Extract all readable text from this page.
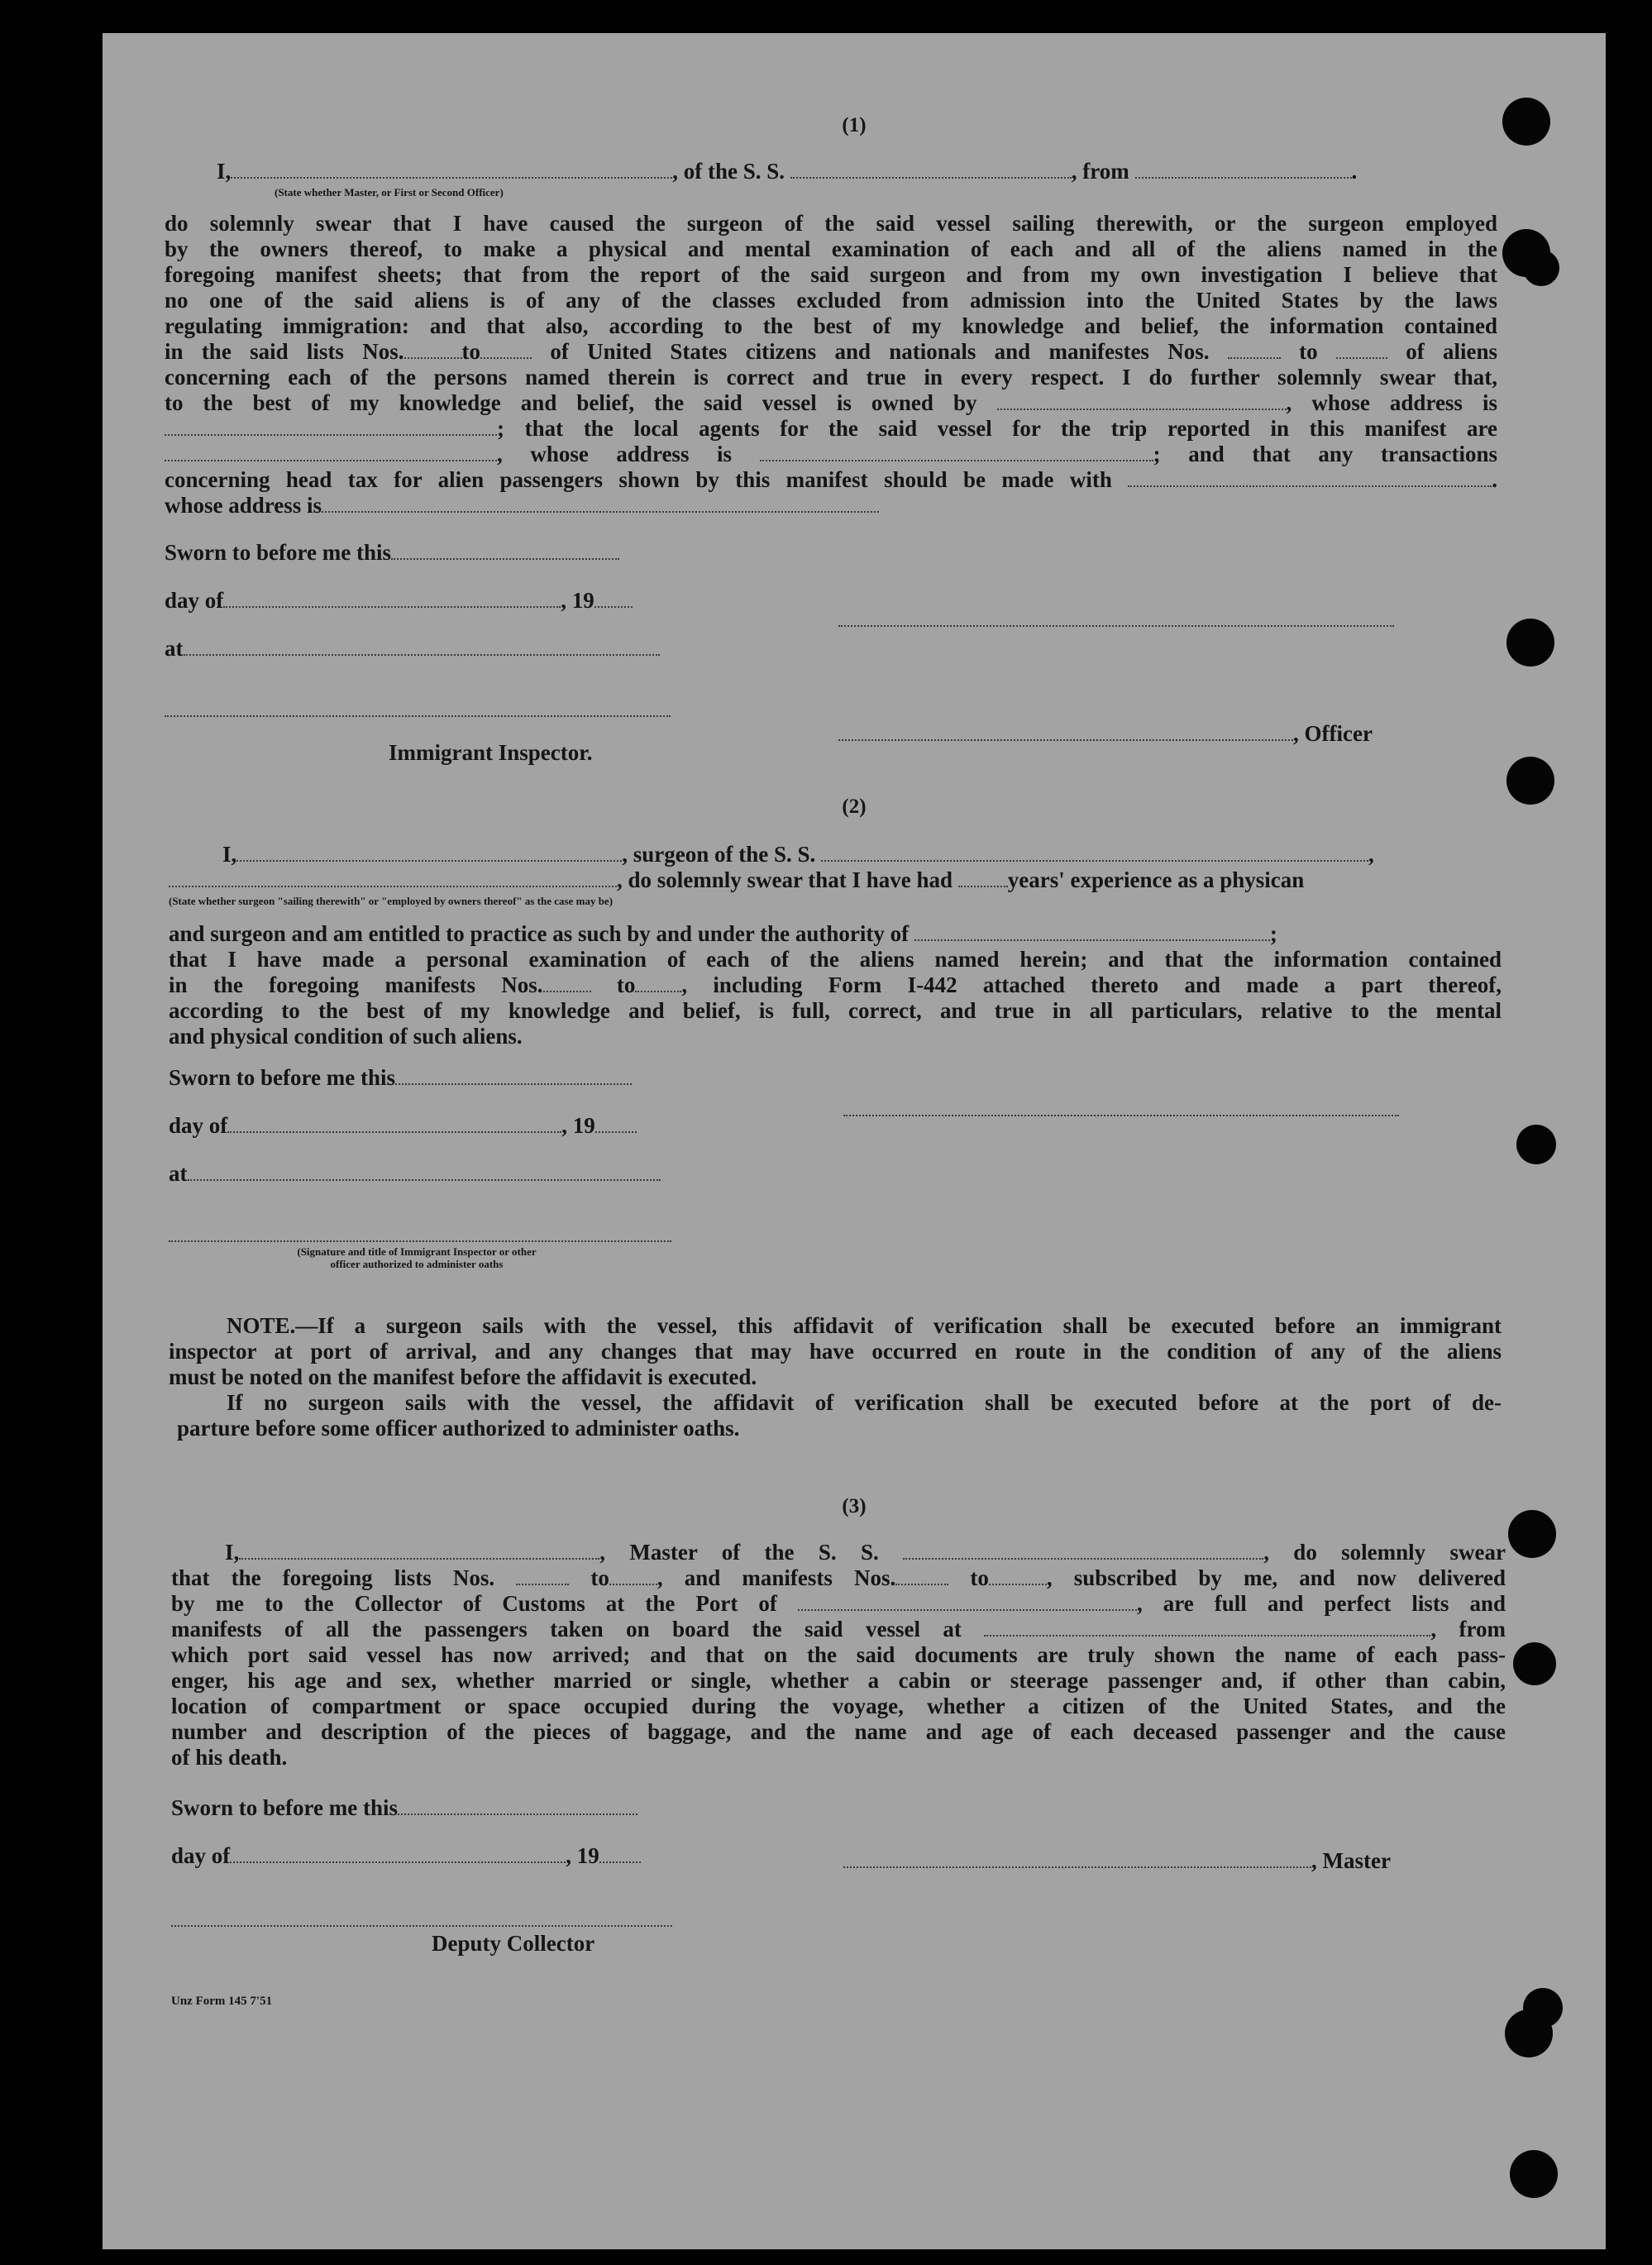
(1)
I,	, of the S. S.	, from	.
(State whether Master, or First or Second Officer)
do solemnly swear that I have caused the surgeon of the said vessel sailing therewith, or the surgeon employed
by the owners thereof, to make a physical and mental examination of each and all of the aliens named in the
foregoing manifest sheets; that from the report of the said surgeon and from my own investigation I believe that
no one of the said aliens is of any of the classes excluded from admission into the United States by the laws
regulating immigration: and that also, according to the best of my knowledge and belief, the information contained
in the said lists Nos.	to	of United States citizens and nationals and manifestes Nos.	to	of aliens
concerning each of the persons named therein is correct and true in every respect. I do further solemnly swear that,
to the best of my knowledge and belief, the said vessel is owned by	, whose address is
; that the local agents for the said vessel for the trip reported in this manifest are
, whose address is	; and that any transactions
concerning head tax for alien passengers shown by this manifest should be made with	.
whose address is
Sworn to before me this
day of	, 19
at
, Officer
Immigrant Inspector.
(2)
I,	, surgeon of the S. S.	,
, do solemnly swear that I have had years' experience as a physican
(State whether surgeon "sailing therewith" or "employed by owners thereof" as the case may be)
and surgeon and am entitled to practice as such by and under the authority of	;
that I have made a personal examination of each of the aliens named herein; and that the information contained
in the foregoing manifests Nos.	to , including Form I-442 attached thereto and made a part thereof,
according to the best of my knowledge and belief, is full, correct, and true in all particulars, relative to the mental
and physical condition of such aliens.
Sworn to before me this
day of	, 19
at
(Signature and title of Immigrant Inspector or other
officer authorized to administer oaths
NOTE.—If a surgeon sails with the vessel, this affidavit of verification shall be executed before an immigrant
inspector at port of arrival, and any changes that may have occurred en route in the condition of any of the aliens
must be noted on the manifest before the affidavit is executed.
If no surgeon sails with the vessel, the affidavit of verification shall be executed before at the port of de-
parture before some officer authorized to administer oaths.
(3)
I,	, Master of the S. S.	, do solemnly swear
that the foregoing lists Nos.	to , and manifests Nos.	to	, subscribed by me, and now delivered
by me to the Collector of Customs at the Port of	, are full and perfect lists and
manifests of all the passengers taken on board the said vessel at	, from
which port said vessel has now arrived; and that on the said documents are truly shown the name of each pass-
enger, his age and sex, whether married or single, whether a cabin or steerage passenger and, if other than cabin,
location of compartment or space occupied during the voyage, whether a citizen of the United States, and the
number and description of the pieces of baggage, and the name and age of each deceased passenger and the cause
of his death.
Sworn to before me this
day of	, 19	, Master
Deputy Collector
Unz Form 145 7'51
